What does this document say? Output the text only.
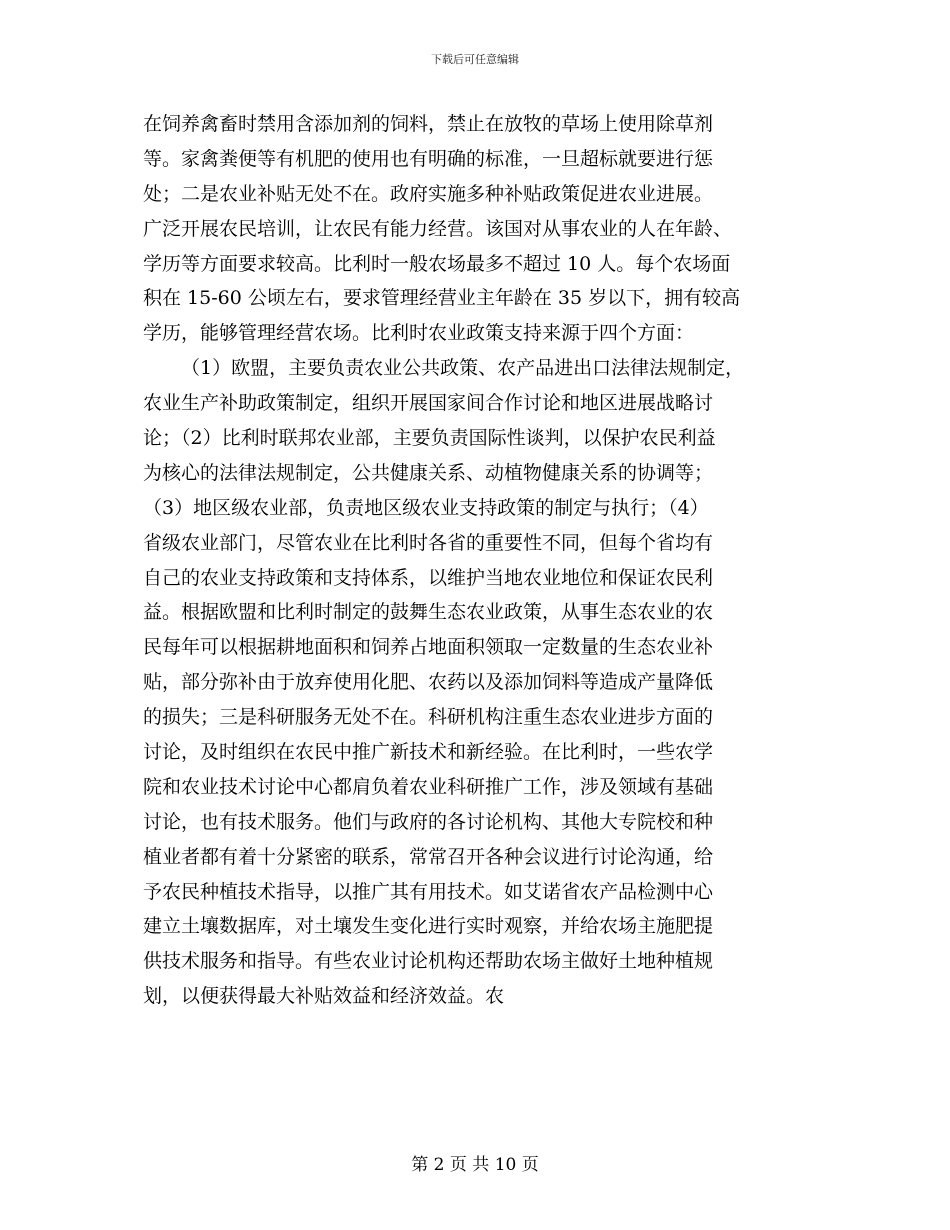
下载后可任意编辑
在饲养禽畜时禁用含添加剂的饲料，禁止在放牧的草场上使用除草剂
等。家禽粪便等有机肥的使用也有明确的标准，一旦超标就要进行惩
处；二是农业补贴无处不在。政府实施多种补贴政策促进农业进展。
广泛开展农民培训，让农民有能力经营。该国对从事农业的人在年龄、
学历等方面要求较高。比利时一般农场最多不超过 10 人。每个农场面
积在 15-60 公顷左右，要求管理经营业主年龄在 35 岁以下，拥有较高
学历，能够管理经营农场。比利时农业政策支持来源于四个方面：
（1）欧盟，主要负责农业公共政策、农产品进出口法律法规制定，
农业生产补助政策制定，组织开展国家间合作讨论和地区进展战略讨
论；（2）比利时联邦农业部，主要负责国际性谈判，以保护农民利益
为核心的法律法规制定，公共健康关系、动植物健康关系的协调等；
（3）地区级农业部，负责地区级农业支持政策的制定与执行；（4）
省级农业部门，尽管农业在比利时各省的重要性不同，但每个省均有
自己的农业支持政策和支持体系，以维护当地农业地位和保证农民利
益。根据欧盟和比利时制定的鼓舞生态农业政策，从事生态农业的农
民每年可以根据耕地面积和饲养占地面积领取一定数量的生态农业补
贴，部分弥补由于放弃使用化肥、农药以及添加饲料等造成产量降低
的损失；三是科研服务无处不在。科研机构注重生态农业进步方面的
讨论，及时组织在农民中推广新技术和新经验。在比利时，一些农学
院和农业技术讨论中心都肩负着农业科研推广工作，涉及领域有基础
讨论，也有技术服务。他们与政府的各讨论机构、其他大专院校和种
植业者都有着十分紧密的联系，常常召开各种会议进行讨论沟通，给
予农民种植技术指导，以推广其有用技术。如艾诺省农产品检测中心
建立土壤数据库，对土壤发生变化进行实时观察，并给农场主施肥提
供技术服务和指导。有些农业讨论机构还帮助农场主做好土地种植规
划，以便获得最大补贴效益和经济效益。农
第 2 页 共 10 页
